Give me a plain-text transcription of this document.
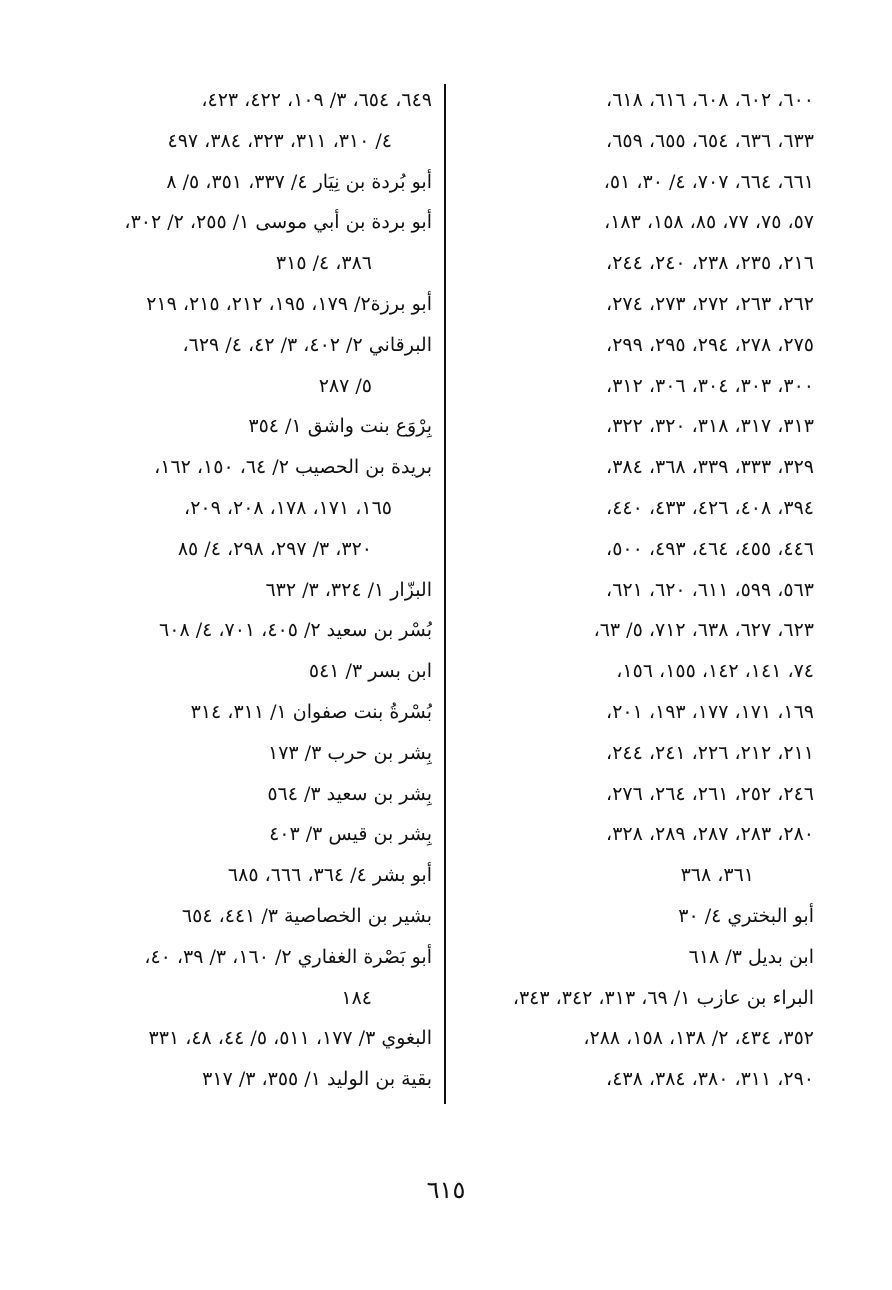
٦٠٠، ٦٠٢، ٦٠٨، ٦١٦، ٦١٨،
٦٣٣، ٦٣٦، ٦٥٤، ٦٥٥، ٦٥٩،
٦٦١، ٦٦٤، ٧٠٧، ٤/ ٣٠، ٥١،
٥٧، ٧٥، ٧٧، ٨٥، ١٥٨، ١٨٣،
٢١٦، ٢٣٥، ٢٣٨، ٢٤٠، ٢٤٤،
٢٦٢، ٢٦٣، ٢٧٢، ٢٧٣، ٢٧٤،
٢٧٥، ٢٧٨، ٢٩٤، ٢٩٥، ٢٩٩،
٣٠٠، ٣٠٣، ٣٠٤، ٣٠٦، ٣١٢،
٣١٣، ٣١٧، ٣١٨، ٣٢٠، ٣٢٢،
٣٢٩، ٣٣٣، ٣٣٩، ٣٦٨، ٣٨٤،
٣٩٤، ٤٠٨، ٤٢٦، ٤٣٣، ٤٤٠،
٤٤٦، ٤٥٥، ٤٦٤، ٤٩٣، ٥٠٠،
٥٦٣، ٥٩٩، ٦١١، ٦٢٠، ٦٢١،
٦٢٣، ٦٢٧، ٦٣٨، ٧١٢، ٥/ ٦٣،
٧٤، ١٤١، ١٤٢، ١٥٥، ١٥٦،
١٦٩، ١٧١، ١٧٧، ١٩٣، ٢٠١،
٢١١، ٢١٢، ٢٢٦، ٢٤١، ٢٤٤،
٢٤٦، ٢٥٢، ٢٦١، ٢٦٤، ٢٧٦،
٢٨٠، ٢٨٣، ٢٨٧، ٢٨٩، ٣٢٨،
٣٦١، ٣٦٨
أبو البختري ٤/ ٣٠
ابن بديل ٣/ ٦١٨
البراء بن عازب ١/ ٦٩، ٣١٣، ٣٤٢، ٣٤٣،
٣٥٢، ٤٣٤، ٢/ ١٣٨، ١٥٨، ٢٨٨،
٢٩٠، ٣١١، ٣٨٠، ٣٨٤، ٤٣٨،
٦٤٩، ٦٥٤، ٣/ ١٠٩، ٤٢٢، ٤٢٣،
٤/ ٣١٠، ٣١١، ٣٢٣، ٣٨٤، ٤٩٧
أبو بُردة بن نِيَار ٤/ ٣٣٧، ٣٥١، ٥/ ٨
أبو بردة بن أبي موسى ١/ ٢٥٥، ٢/ ٣٠٢،
٣٨٦، ٤/ ٣١٥
أبو برزة٢/ ١٧٩، ١٩٥، ٢١٢، ٢١٥، ٢١٩
البرقاني ٢/ ٤٠٢، ٣/ ٤٢، ٤/ ٦٢٩،
٥/ ٢٨٧
بِرْوَع بنت واشق ١/ ٣٥٤
بريدة بن الحصيب ٢/ ٦٤، ١٥٠، ١٦٢،
١٦٥، ١٧١، ١٧٨، ٢٠٨، ٢٠٩،
٣٢٠، ٣/ ٢٩٧، ٢٩٨، ٤/ ٨٥
البزّار ١/ ٣٢٤، ٣/ ٦٣٢
بُسْر بن سعيد ٢/ ٤٠٥، ٧٠١، ٤/ ٦٠٨
ابن بسر ٣/ ٥٤١
بُسْرةُ بنت صفوان ١/ ٣١١، ٣١٤
بِشر بن حرب ٣/ ١٧٣
بِشر بن سعيد ٣/ ٥٦٤
بِشر بن قيس ٣/ ٤٠٣
أبو بشر ٤/ ٣٦٤، ٦٦٦، ٦٨٥
بشير بن الخصاصية ٣/ ٤٤١، ٦٥٤
أبو بَصْرة الغفاري ٢/ ١٦٠، ٣/ ٣٩، ٤٠،
١٨٤
البغوي ٣/ ١٧٧، ٥١١، ٥/ ٤٤، ٤٨، ٣٣١
بقية بن الوليد ١/ ٣٥٥، ٣/ ٣١٧
٦١٥
